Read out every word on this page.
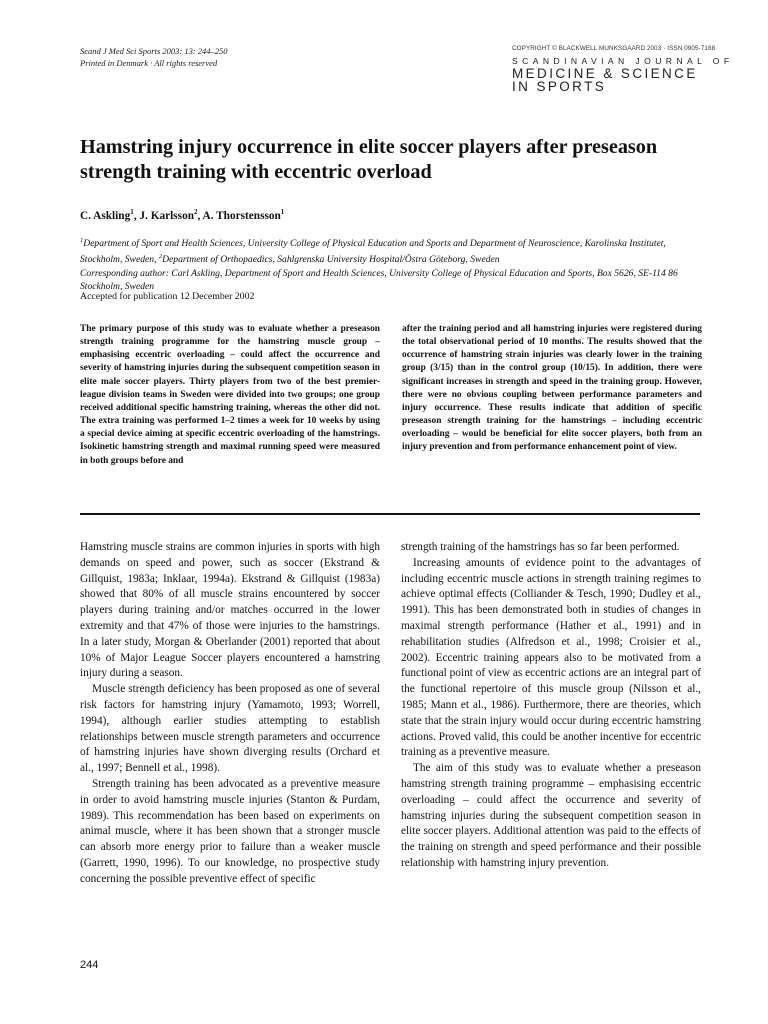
Scand J Med Sci Sports 2003: 13: 244–250
Printed in Denmark · All rights reserved
COPYRIGHT © BLACKWELL MUNKSGAARD 2003 · ISSN 0905-7188
SCANDINAVIAN JOURNAL OF
MEDICINE & SCIENCE
IN SPORTS
Hamstring injury occurrence in elite soccer players after preseason strength training with eccentric overload
C. Askling$^1$, J. Karlsson$^2$, A. Thorstensson$^1$
$^1$Department of Sport and Health Sciences, University College of Physical Education and Sports and Department of Neuroscience, Karolinska Institutet, Stockholm, Sweden, $^2$Department of Orthopaedics, Sahlgrenska University Hospital/Östra Göteborg, Sweden
Corresponding author: Carl Askling, Department of Sport and Health Sciences, University College of Physical Education and Sports, Box 5626, SE-114 86 Stockholm, Sweden
Accepted for publication 12 December 2002
The primary purpose of this study was to evaluate whether a preseason strength training programme for the hamstring muscle group – emphasising eccentric overloading – could affect the occurrence and severity of hamstring injuries during the subsequent competition season in elite male soccer players. Thirty players from two of the best premier-league division teams in Sweden were divided into two groups; one group received additional specific hamstring training, whereas the other did not. The extra training was performed 1–2 times a week for 10 weeks by using a special device aiming at specific eccentric overloading of the hamstrings. Isokinetic hamstring strength and maximal running speed were measured in both groups before and
after the training period and all hamstring injuries were registered during the total observational period of 10 months. The results showed that the occurrence of hamstring strain injuries was clearly lower in the training group (3/15) than in the control group (10/15). In addition, there were significant increases in strength and speed in the training group. However, there were no obvious coupling between performance parameters and injury occurrence. These results indicate that addition of specific preseason strength training for the hamstrings – including eccentric overloading – would be beneficial for elite soccer players, both from an injury prevention and from performance enhancement point of view.

Hamstring muscle strains are common injuries in sports with high demands on speed and power, such as soccer (Ekstrand & Gillquist, 1983a; Inklaar, 1994a). Ekstrand & Gillquist (1983a) showed that 80% of all muscle strains encountered by soccer players during training and/or matches occurred in the lower extremity and that 47% of those were injuries to the hamstrings. In a later study, Morgan & Oberlander (2001) reported that about 10% of Major League Soccer players encountered a hamstring injury during a season.

Muscle strength deficiency has been proposed as one of several risk factors for hamstring injury (Yamamoto, 1993; Worrell, 1994), although earlier studies attempting to establish relationships between muscle strength parameters and occurrence of hamstring injuries have shown diverging results (Orchard et al., 1997; Bennell et al., 1998).

Strength training has been advocated as a preventive measure in order to avoid hamstring muscle injuries (Stanton & Purdam, 1989). This recommendation has been based on experiments on animal muscle, where it has been shown that a stronger muscle can absorb more energy prior to failure than a weaker muscle (Garrett, 1990, 1996). To our knowledge, no prospective study concerning the possible preventive effect of specific

strength training of the hamstrings has so far been performed.

Increasing amounts of evidence point to the advantages of including eccentric muscle actions in strength training regimes to achieve optimal effects (Colliander & Tesch, 1990; Dudley et al., 1991). This has been demonstrated both in studies of changes in maximal strength performance (Hather et al., 1991) and in rehabilitation studies (Alfredson et al., 1998; Croisier et al., 2002). Eccentric training appears also to be motivated from a functional point of view as eccentric actions are an integral part of the functional repertoire of this muscle group (Nilsson et al., 1985; Mann et al., 1986). Furthermore, there are theories, which state that the strain injury would occur during eccentric hamstring actions. Proved valid, this could be another incentive for eccentric training as a preventive measure.

The aim of this study was to evaluate whether a preseason hamstring strength training programme – emphasising eccentric overloading – could affect the occurrence and severity of hamstring injuries during the subsequent competition season in elite soccer players. Additional attention was paid to the effects of the training on strength and speed performance and their possible relationship with hamstring injury prevention.

244
